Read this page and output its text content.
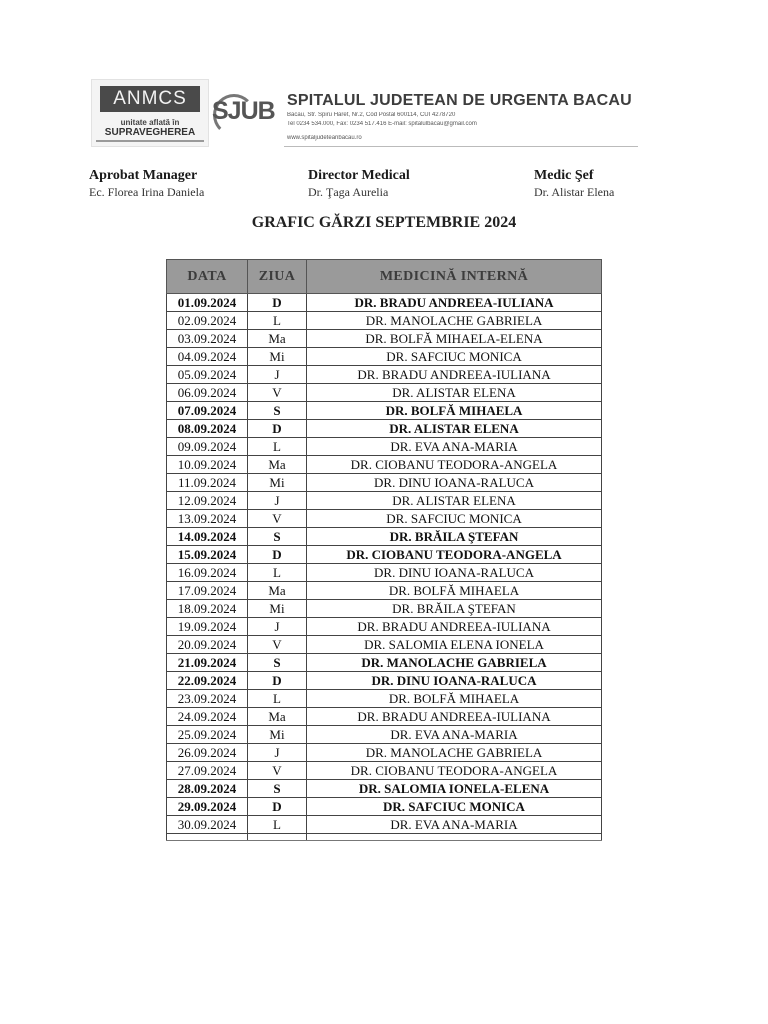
ANMCS
unitate aflată în
SUPRAVEGHEREA
SJUB SPITALUL JUDETEAN DE URGENTA BACAU
Bacau, Str. Spiru Haret, Nr.2, Cod Postal 600114, CUI 4278720
Tel 0234 534.000, Fax: 0234 517.416 E-mail: spitalulbacau@gmail.com
www.spitaljudeteanbacau.ro
Aprobat Manager
Ec. Florea Irina Daniela
Director Medical
Dr. Ţaga Aurelia
Medic Şef
Dr. Alistar Elena
GRAFIC GĂRZI SEPTEMBRIE 2024
DATA	ZIUA	MEDICINĂ INTERNĂ
01.09.2024	D	DR. BRADU ANDREEA-IULIANA
02.09.2024	L	DR. MANOLACHE GABRIELA
03.09.2024	Ma	DR. BOLFĂ MIHAELA-ELENA
04.09.2024	Mi	DR. SAFCIUC MONICA
05.09.2024	J	DR. BRADU ANDREEA-IULIANA
06.09.2024	V	DR. ALISTAR ELENA
07.09.2024	S	DR. BOLFĂ MIHAELA
08.09.2024	D	DR. ALISTAR ELENA
09.09.2024	L	DR. EVA ANA-MARIA
10.09.2024	Ma	DR. CIOBANU TEODORA-ANGELA
11.09.2024	Mi	DR. DINU IOANA-RALUCA
12.09.2024	J	DR. ALISTAR ELENA
13.09.2024	V	DR. SAFCIUC MONICA
14.09.2024	S	DR. BRĂILA ŞTEFAN
15.09.2024	D	DR. CIOBANU TEODORA-ANGELA
16.09.2024	L	DR. DINU IOANA-RALUCA
17.09.2024	Ma	DR. BOLFĂ MIHAELA
18.09.2024	Mi	DR. BRĂILA ŞTEFAN
19.09.2024	J	DR. BRADU ANDREEA-IULIANA
20.09.2024	V	DR. SALOMIA ELENA IONELA
21.09.2024	S	DR. MANOLACHE GABRIELA
22.09.2024	D	DR. DINU IOANA-RALUCA
23.09.2024	L	DR. BOLFĂ MIHAELA
24.09.2024	Ma	DR. BRADU ANDREEA-IULIANA
25.09.2024	Mi	DR. EVA ANA-MARIA
26.09.2024	J	DR. MANOLACHE GABRIELA
27.09.2024	V	DR. CIOBANU TEODORA-ANGELA
28.09.2024	S	DR. SALOMIA IONELA-ELENA
29.09.2024	D	DR. SAFCIUC MONICA
30.09.2024	L	DR. EVA ANA-MARIA
